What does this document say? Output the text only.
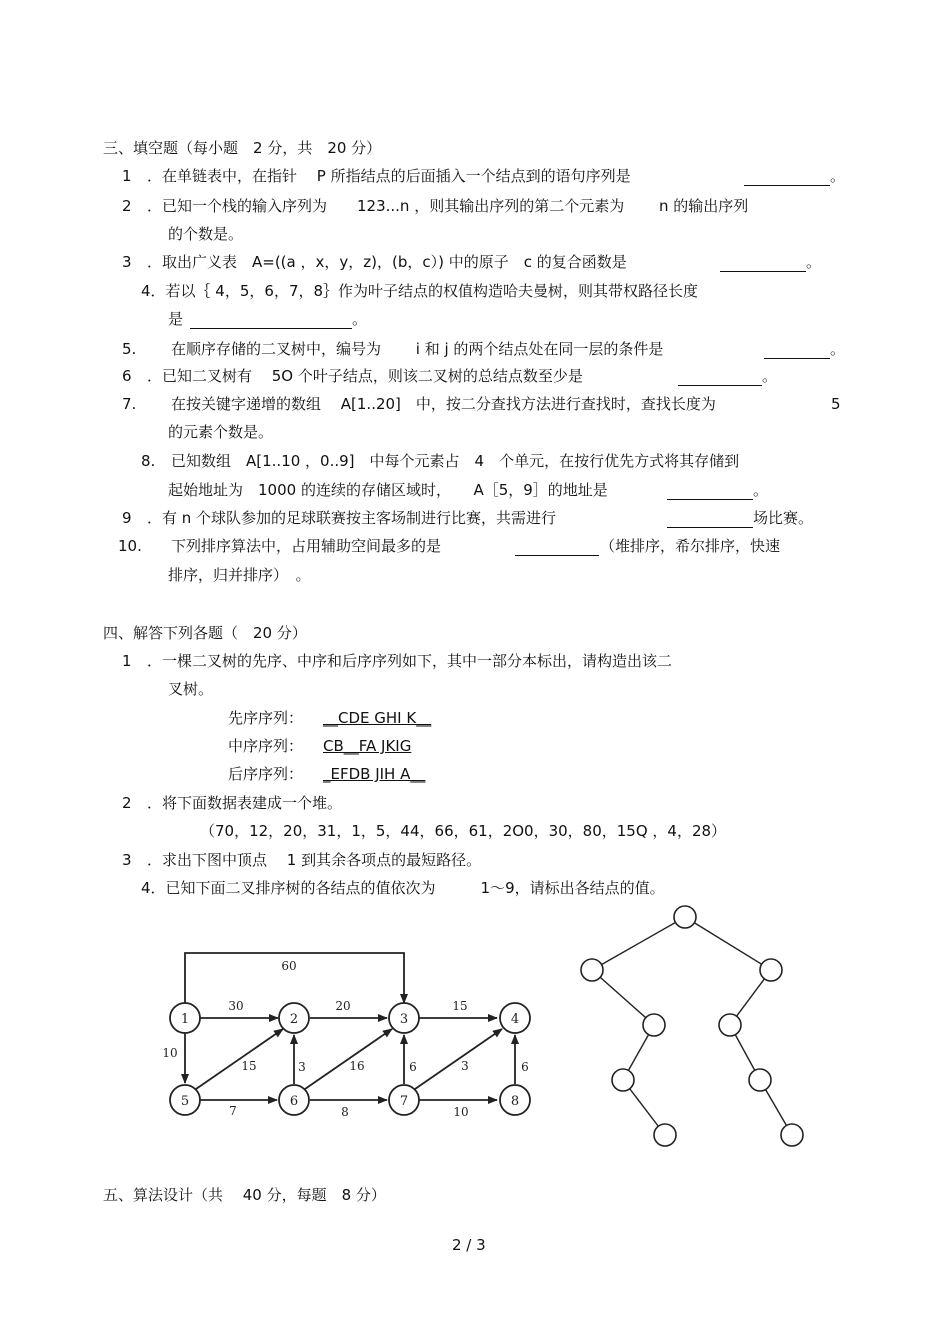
三、填空题（每小题　2 分，共　20 分）
1 ．在单链表中，在指针　 P 所指结点的后面插入一个结点到的语句序列是	。
2 ．已知一个栈的输入序列为　　123...n ，则其输出序列的第二个元素为　　 n 的输出序列
的个数是。
3 ．取出广义表　A=((a ，x，y，z)，(b，c）) 中的原子　c 的复合函数是	。
4．若以｛ 4，5，6，7，8｝作为叶子结点的权值构造哈夫曼树，则其带权路径长度
是	。
5. 在顺序存储的二叉树中，编号为　　 i 和 j 的两个结点处在同一层的条件是	。
6 ．已知二叉树有　 5O 个叶子结点，则该二叉树的总结点数至少是	。
7. 在按关键字递增的数组　 A[1..20]　中，按二分查找方法进行查找时，查找长度为	5
的元素个数是。
8. 已知数组　A[1..10 ，0..9]　中每个元素占　4　个单元，在按行优先方式将其存储到
起始地址为　1000 的连续的存储区域时，　　A［5，9］的地址是	。
9 ．有 n 个球队参加的足球联赛按主客场制进行比赛，共需进行	场比赛。
10. 下列排序算法中，占用辅助空间最多的是	（堆排序，希尔排序，快速
排序，归并排序）　。
四、解答下列各题（　20 分）
1 ．一棵二叉树的先序、中序和后序序列如下，其中一部分本标出，请构造出该二
叉树。
先序序列： __CDE GHI K__
中序序列： CB__FA JKIG
后序序列： _EFDB JIH A__
2 ．将下面数据表建成一个堆。
（70，12，20，31，1，5，44，66，61，2O0，30，80，15Q ，4，28）
3 ．求出下图中顶点　 1 到其余各项点的最短路径。
4．已知下面二叉排序树的各结点的值依次为　　　1～9，请标出各结点的值。
1	2	3	4
5	6	7	8
60
30	20	15
10
15	3	16	6	3	6
7	8	10
五、算法设计（共　 40 分，每题　8 分）
2 / 3
